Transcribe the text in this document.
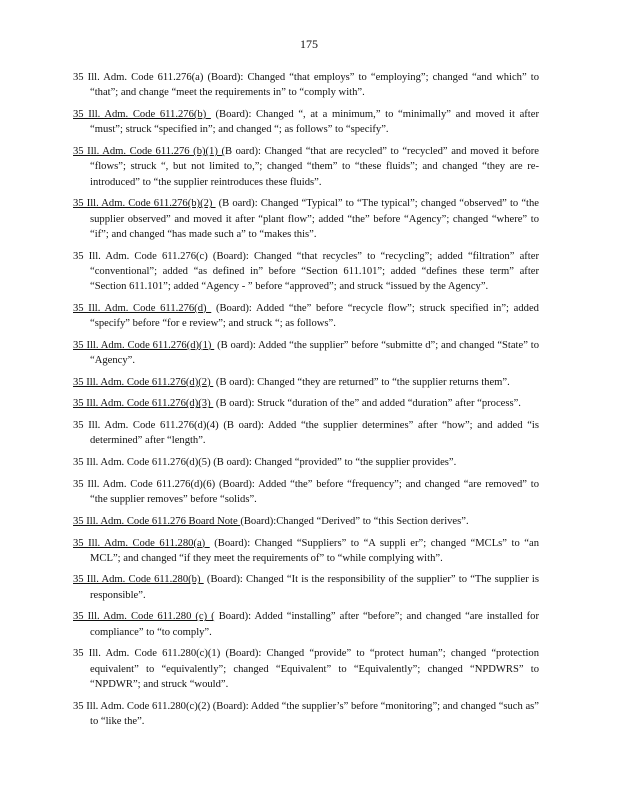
175

35 Ill. Adm. Code 611.276(a) (Board): Changed “that employs” to “employing”; changed “and which” to “that”; and change “meet the requirements in” to “comply with”.

35 Ill. Adm. Code 611.276(b)  (Board): Changed “, at a minimum,” to “minimally” and moved it after “must”; struck “specified in”; and changed “; as follows” to “specify”.

35 Ill. Adm. Code 611.276 (b)(1) (B oard): Changed “that are recycled” to “recycled” and moved it before “flows”; struck “, but not limited to,”; changed “them” to “these fluids”; and changed “they are re-introduced” to “the supplier reintroduces these fluids”.

35 Ill. Adm. Code 611.276(b)(2)  (B oard): Changed “Typical” to “The typical”; changed “observed” to “the supplier observed” and moved it after “plant flow”; added “the” before “Agency”; changed “where” to “if”; and changed “has made such a” to “makes this”.

35 Ill. Adm. Code 611.276(c) (Board): Changed “that recycles” to “recycling”; added “filtration” after “conventional”; added “as defined in” before “Section 611.101”; added “defines these term” after “Section 611.101”; added “Agency - ” before “approved”; and struck “issued by the Agency”.

35 Ill. Adm. Code 611.276(d)  (Board): Added “the” before “recycle flow”; struck specified in”; added “specify” before “for e review”; and struck “; as follows”.

35 Ill. Adm. Code 611.276(d)(1)  (B oard): Added “the supplier” before “submitte d”; and changed “State” to “Agency”.

35 Ill. Adm. Code 611.276(d)(2)  (B oard): Changed “they are returned” to “the supplier returns them”.

35 Ill. Adm. Code 611.276(d)(3)  (B oard): Struck “duration of the” and added “duration” after “process”.

35 Ill. Adm. Code 611.276(d)(4) (B oard): Added “the supplier determines” after “how”; and added “is determined” after “length”.

35 Ill. Adm. Code 611.276(d)(5) (B oard): Changed “provided” to “the supplier provides”.

35 Ill. Adm. Code 611.276(d)(6) (Board): Added “the” before “frequency”; and changed “are removed” to “the supplier removes” before “solids”.

35 Ill. Adm. Code 611.276 Board Note (Board):Changed “Derived” to “this Section derives”.

35 Ill. Adm. Code 611.280(a)  (Board): Changed “Suppliers” to “A suppli er”; changed “MCLs” to “an MCL”; and changed “if they meet the requirements of” to “while complying with”.

35 Ill. Adm. Code 611.280(b)  (Board): Changed “It is the responsibility of the supplier” to “The supplier is responsible”.

35 Ill. Adm. Code 611.280 (c) ( Board): Added “installing” after “before”; and changed “are installed for compliance” to “to comply”.

35 Ill. Adm. Code 611.280(c)(1) (Board): Changed “provide” to “protect human”; changed “protection equivalent” to “equivalently”; changed “Equivalent” to “Equivalently”; changed “NPDWRS” to “NPDWR”; and struck “would”.

35 Ill. Adm. Code 611.280(c)(2) (Board): Added “the supplier’s” before “monitoring”; and changed “such as” to “like the”.
